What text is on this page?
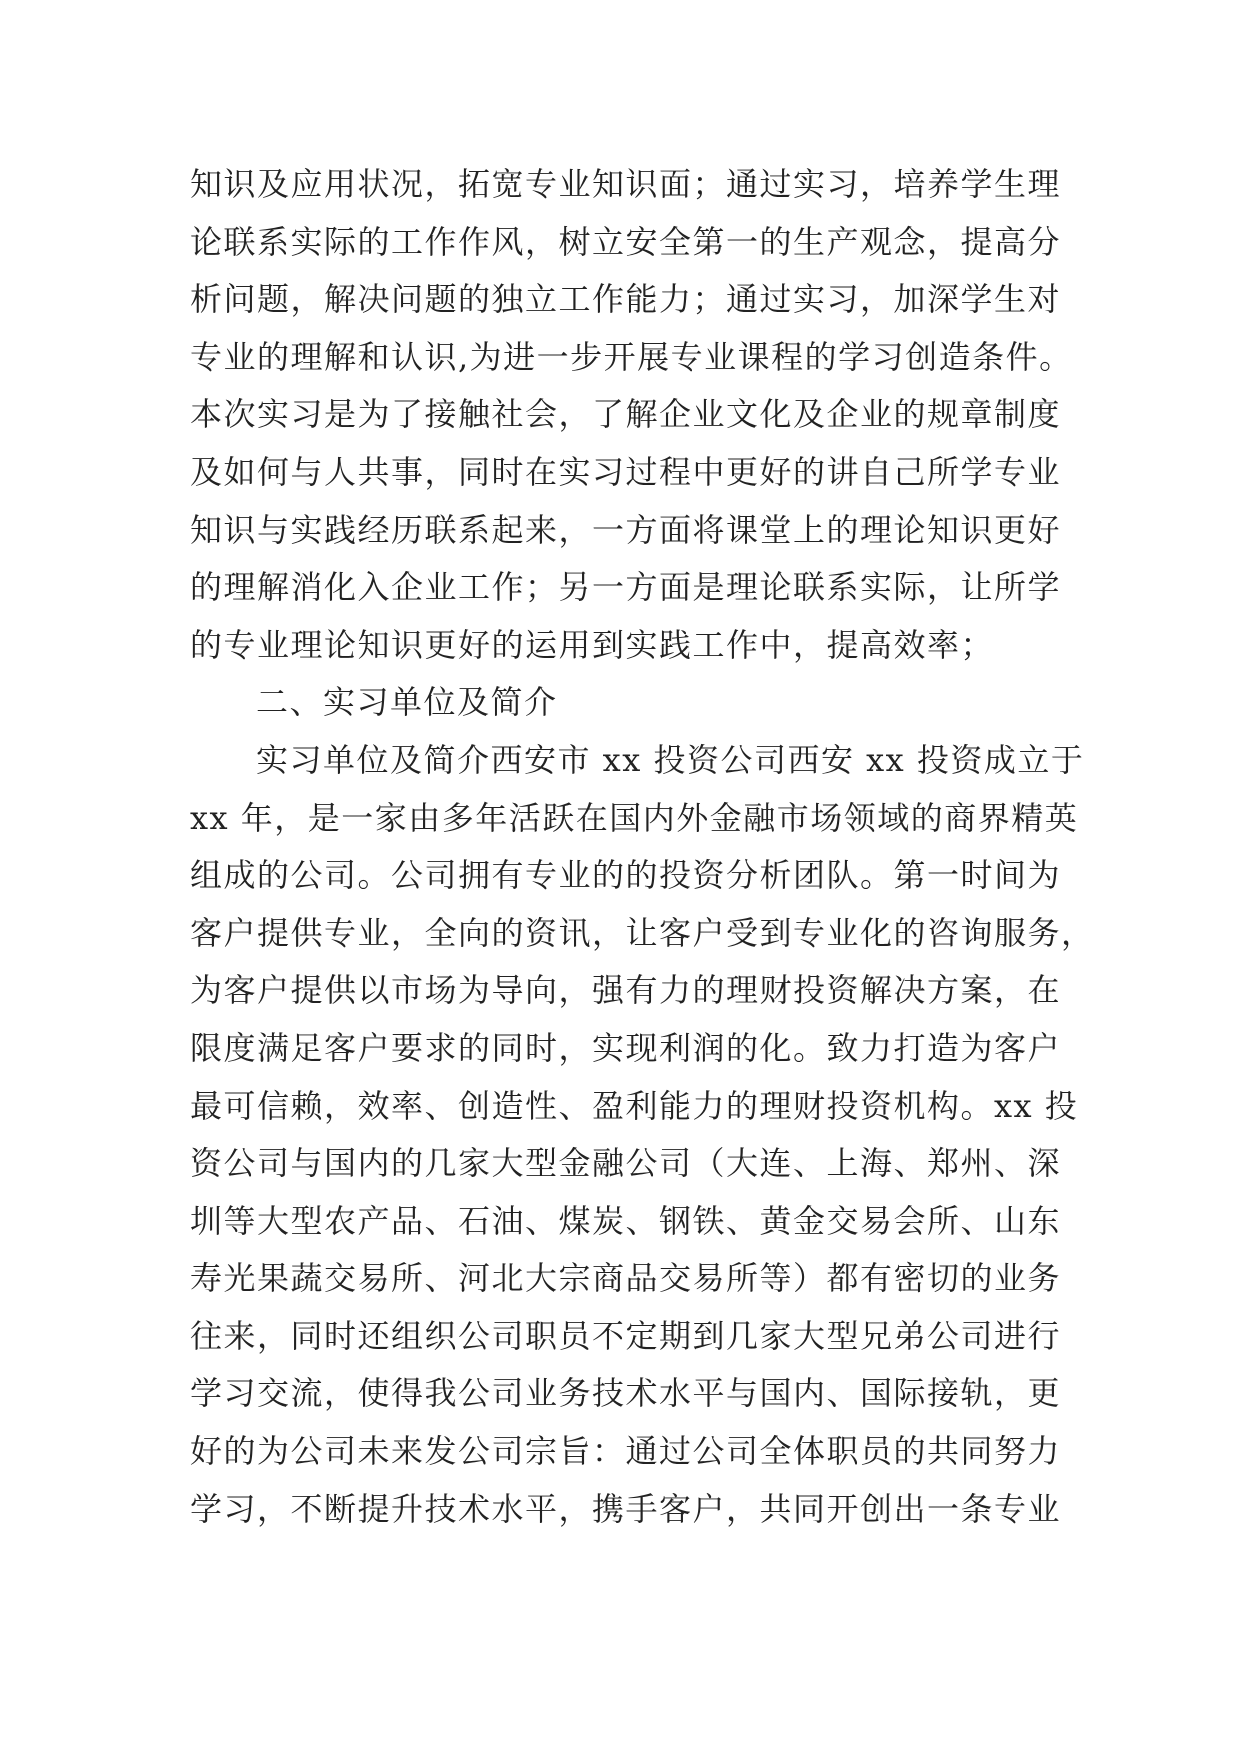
知识及应用状况，拓宽专业知识面；通过实习，培养学生理
论联系实际的工作作风，树立安全第一的生产观念，提高分
析问题，解决问题的独立工作能力；通过实习，加深学生对
专业的理解和认识,为进一步开展专业课程的学习创造条件。
本次实习是为了接触社会，了解企业文化及企业的规章制度
及如何与人共事，同时在实习过程中更好的讲自己所学专业
知识与实践经历联系起来，一方面将课堂上的理论知识更好
的理解消化入企业工作；另一方面是理论联系实际，让所学
的专业理论知识更好的运用到实践工作中，提高效率；
二、实习单位及简介
实习单位及简介西安市 xx 投资公司西安 xx 投资成立于
xx 年，是一家由多年活跃在国内外金融市场领域的商界精英
组成的公司。公司拥有专业的的投资分析团队。第一时间为
客户提供专业，全向的资讯，让客户受到专业化的咨询服务，
为客户提供以市场为导向，强有力的理财投资解决方案，在
限度满足客户要求的同时，实现利润的化。致力打造为客户
最可信赖，效率、创造性、盈利能力的理财投资机构。xx 投
资公司与国内的几家大型金融公司（大连、上海、郑州、深
圳等大型农产品、石油、煤炭、钢铁、黄金交易会所、山东
寿光果蔬交易所、河北大宗商品交易所等）都有密切的业务
往来，同时还组织公司职员不定期到几家大型兄弟公司进行
学习交流，使得我公司业务技术水平与国内、国际接轨，更
好的为公司未来发公司宗旨：通过公司全体职员的共同努力
学习，不断提升技术水平，携手客户，共同开创出一条专业
